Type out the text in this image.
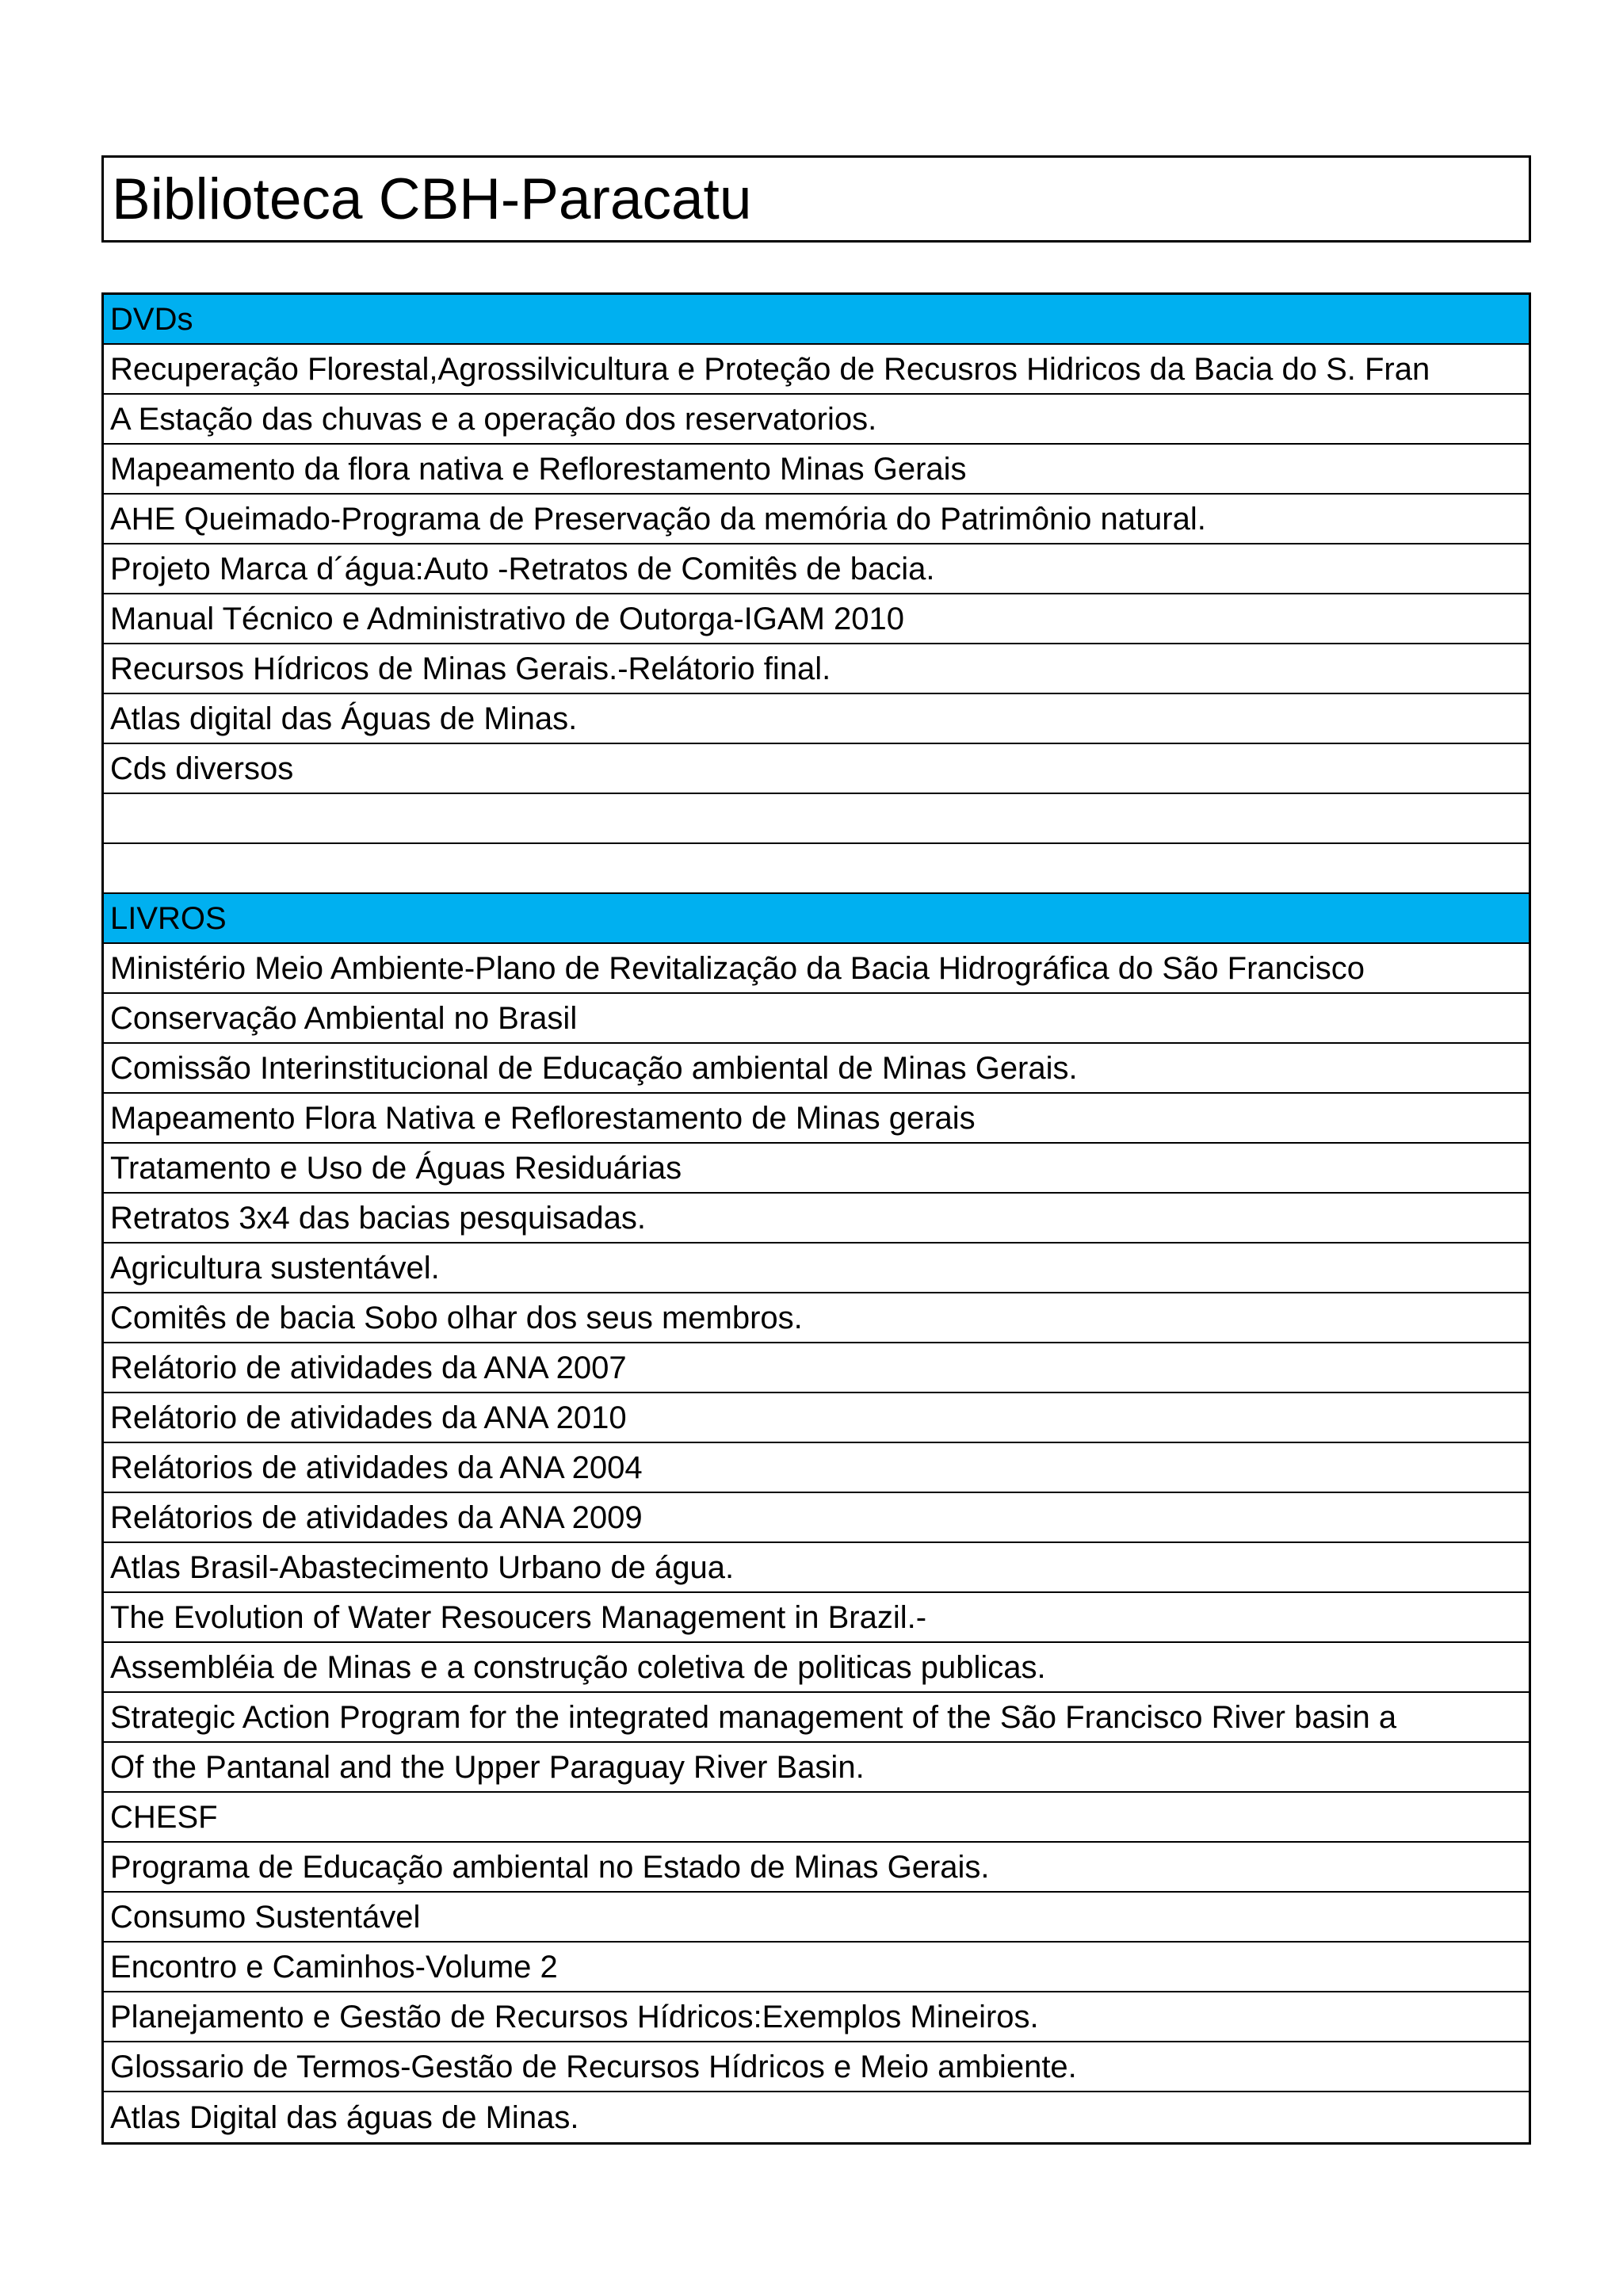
Biblioteca CBH-Paracatu
DVDs
Recuperação Florestal,Agrossilvicultura e Proteção de Recusros Hidricos da Bacia do S. Fran
A Estação das chuvas e a operação dos reservatorios.
Mapeamento da flora nativa e Reflorestamento Minas Gerais
AHE Queimado-Programa de Preservação da memória do Patrimônio natural.
Projeto Marca d´água:Auto -Retratos de Comitês de bacia.
Manual Técnico e Administrativo de Outorga-IGAM 2010
Recursos Hídricos de Minas Gerais.-Relátorio final.
Atlas digital das Águas de Minas.
Cds diversos
LIVROS
Ministério Meio Ambiente-Plano de Revitalização da Bacia Hidrográfica do São Francisco
Conservação Ambiental no Brasil
Comissão Interinstitucional de Educação ambiental de Minas Gerais.
Mapeamento Flora Nativa e Reflorestamento de Minas gerais
Tratamento e Uso de Águas Residuárias
Retratos 3x4 das bacias pesquisadas.
Agricultura sustentável.
Comitês de bacia Sobo olhar dos seus membros.
Relátorio de atividades da ANA 2007
Relátorio de atividades da ANA 2010
Relátorios de atividades da ANA 2004
Relátorios de atividades da ANA 2009
Atlas Brasil-Abastecimento Urbano de água.
The Evolution of Water Resoucers Management in Brazil.-
Assembléia de Minas e a construção coletiva de politicas publicas.
Strategic Action Program for the integrated management of the São Francisco River basin a
Of the Pantanal and the Upper Paraguay River Basin.
CHESF
Programa de Educação ambiental no Estado de Minas Gerais.
Consumo Sustentável
Encontro e Caminhos-Volume 2
Planejamento e Gestão de Recursos Hídricos:Exemplos Mineiros.
Glossario de Termos-Gestão de Recursos Hídricos e Meio ambiente.
Atlas Digital das águas de Minas.
